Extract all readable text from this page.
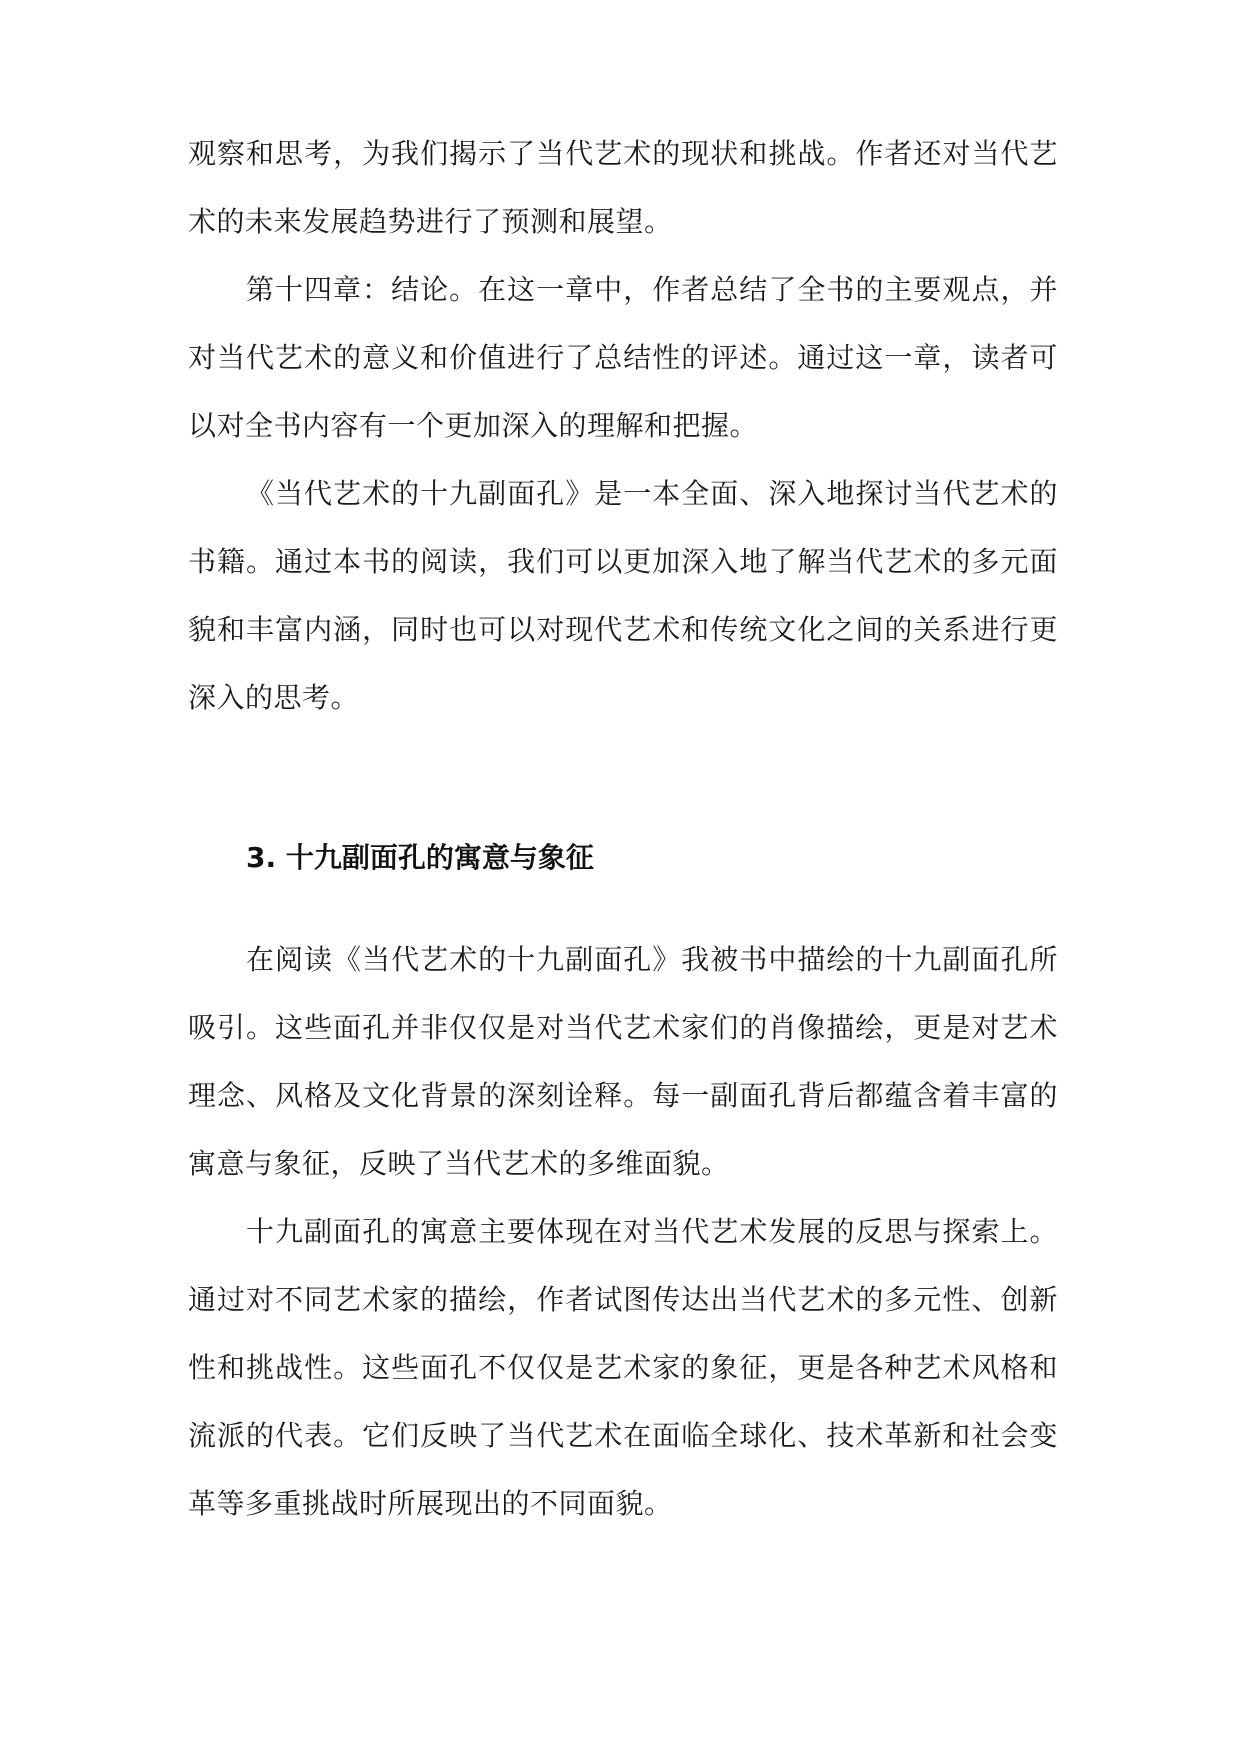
观察和思考，为我们揭示了当代艺术的现状和挑战。作者还对当代艺术的未来发展趋势进行了预测和展望。

第十四章：结论。在这一章中，作者总结了全书的主要观点，并对当代艺术的意义和价值进行了总结性的评述。通过这一章，读者可以对全书内容有一个更加深入的理解和把握。

《当代艺术的十九副面孔》是一本全面、深入地探讨当代艺术的书籍。通过本书的阅读，我们可以更加深入地了解当代艺术的多元面貌和丰富内涵，同时也可以对现代艺术和传统文化之间的关系进行更深入的思考。

3. 十九副面孔的寓意与象征

在阅读《当代艺术的十九副面孔》我被书中描绘的十九副面孔所吸引。这些面孔并非仅仅是对当代艺术家们的肖像描绘，更是对艺术理念、风格及文化背景的深刻诠释。每一副面孔背后都蕴含着丰富的寓意与象征，反映了当代艺术的多维面貌。

十九副面孔的寓意主要体现在对当代艺术发展的反思与探索上。通过对不同艺术家的描绘，作者试图传达出当代艺术的多元性、创新性和挑战性。这些面孔不仅仅是艺术家的象征，更是各种艺术风格和流派的代表。它们反映了当代艺术在面临全球化、技术革新和社会变革等多重挑战时所展现出的不同面貌。
